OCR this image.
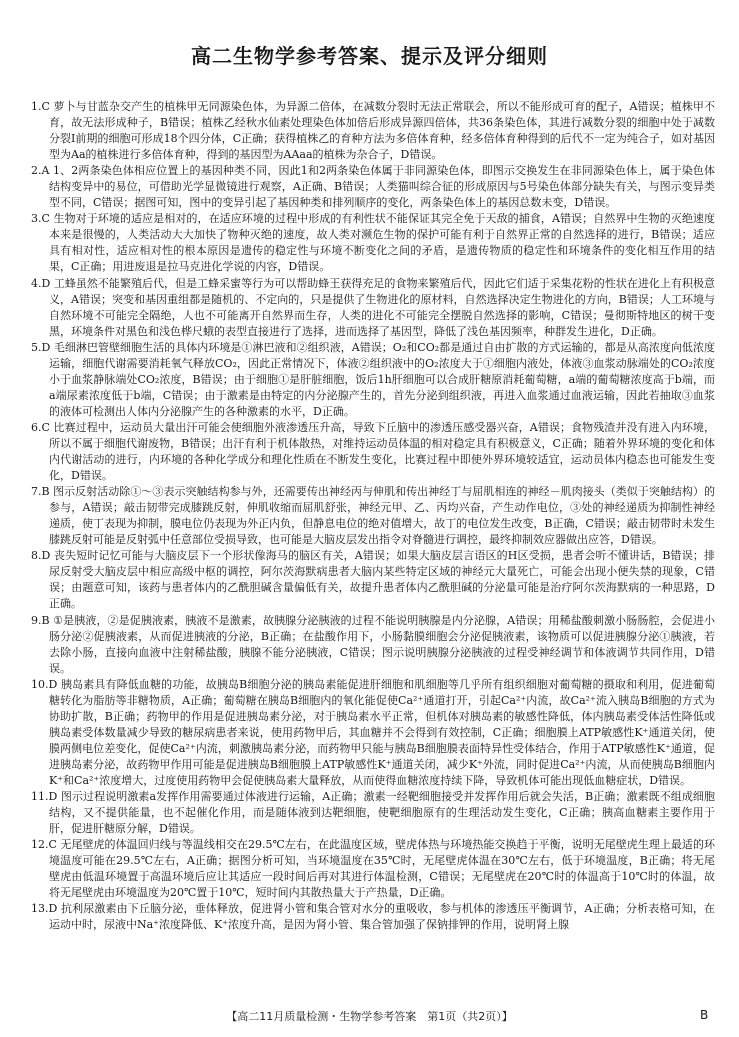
高二生物学参考答案、提示及评分细则

1.C 萝卜与甘蓝杂交产生的植株甲无同源染色体，为异源二倍体，在减数分裂时无法正常联会，所以不能形成可育的配子，A错误；植株甲不育，故无法形成种子，B错误；植株乙经秋水仙素处理染色体加倍后形成异源四倍体，共36条染色体，其进行减数分裂的细胞中处于减数分裂Ⅰ前期的细胞可形成18个四分体，C正确；获得植株乙的育种方法为多倍体育种，经多倍体育种得到的后代不一定为纯合子，如对基因型为Aa的植株进行多倍体育种，得到的基因型为AAaa的植株为杂合子，D错误。

2.A 1、2两条染色体相应位置上的基因种类不同，因此1和2两条染色体属于非同源染色体，即图示交换发生在非同源染色体上，属于染色体结构变异中的易位，可借助光学显微镜进行观察，A正确、B错误；人类猫叫综合征的形成原因与5号染色体部分缺失有关，与图示变异类型不同，C错误；据图可知，图中的变异引起了基因种类和排列顺序的变化，两条染色体上的基因总数未变，D错误。

3.C 生物对于环境的适应是相对的，在适应环境的过程中形成的有利性状不能保证其完全免于天敌的捕食，A错误；自然界中生物的灭绝速度本来是很慢的，人类活动大大加快了物种灭绝的速度，故人类对濒危生物的保护可能有利于自然界正常的自然选择的进行，B错误；适应具有相对性，适应相对性的根本原因是遗传的稳定性与环境不断变化之间的矛盾，是遗传物质的稳定性和环境条件的变化相互作用的结果，C正确；用进废退是拉马克进化学说的内容，D错误。

4.D 工蜂虽然不能繁殖后代，但是工蜂采蜜等行为可以帮助蜂王获得充足的食物来繁殖后代，因此它们适于采集花粉的性状在进化上有积极意义，A错误；突变和基因重组都是随机的、不定向的，只是提供了生物进化的原材料，自然选择决定生物进化的方向，B错误；人工环境与自然环境不可能完全隔绝，人也不可能离开自然界而生存，人类的进化不可能完全摆脱自然选择的影响，C错误；曼彻斯特地区的树干变黑，环境条件对黑色和浅色桦尺蛾的表型直接进行了选择，进而选择了基因型，降低了浅色基因频率，种群发生进化，D正确。

5.D 毛细淋巴管壁细胞生活的具体内环境是①淋巴液和②组织液，A错误；O₂和CO₂都是通过自由扩散的方式运输的，都是从高浓度向低浓度运输，细胞代谢需要消耗氧气释放CO₂，因此正常情况下，体液②组织液中的O₂浓度大于①细胞内液处，体液③血浆动脉端处的CO₂浓度小于血浆静脉端处CO₂浓度，B错误；由于细胞①是肝脏细胞，饭后1h肝细胞可以合成肝糖原消耗葡萄糖，a端的葡萄糖浓度高于b端，而a端尿素浓度低于b端，C错误；由于激素是由特定的内分泌腺产生的，首先分泌到组织液，再进入血浆通过血液运输，因此若抽取③血浆的液体可检测出人体内分泌腺产生的各种激素的水平，D正确。

6.C 比赛过程中，运动员大量出汗可能会使细胞外液渗透压升高，导致下丘脑中的渗透压感受器兴奋，A错误；食物残渣并没有进入内环境，所以不属于细胞代谢废物，B错误；出汗有利于机体散热，对维持运动员体温的相对稳定具有积极意义，C正确；随着外界环境的变化和体内代谢活动的进行，内环境的各种化学成分和理化性质在不断发生变化，比赛过程中即使外界环境较适宜，运动员体内稳态也可能发生变化，D错误。

7.B 图示反射活动除①～③表示突触结构参与外，还需要传出神经丙与伸肌和传出神经丁与屈肌相连的神经－肌肉接头（类似于突触结构）的参与，A错误；敲击韧带完成膝跳反射，伸肌收缩而屈肌舒张，神经元甲、乙、丙均兴奋，产生动作电位，③处的神经递质为抑制性神经递质，使丁表现为抑制，膜电位仍表现为外正内负，但静息电位的绝对值增大，故丁的电位发生改变，B正确，C错误；敲击韧带时未发生膝跳反射可能是反射弧中任意部位受损导致，也可能是大脑皮层发出指令对脊髓进行调控，最终抑制效应器做出应答，D错误。

8.D 丧失短时记忆可能与大脑皮层下一个形状像海马的脑区有关，A错误；如果大脑皮层言语区的H区受损，患者会听不懂讲话，B错误；排尿反射受大脑皮层中相应高级中枢的调控，阿尔茨海默病患者大脑内某些特定区域的神经元大量死亡，可能会出现小便失禁的现象，C错误；由题意可知，该药与患者体内的乙酰胆碱含量偏低有关，故提升患者体内乙酰胆碱的分泌量可能是治疗阿尔茨海默病的一种思路，D正确。

9.B ①是胰液，②是促胰液素，胰液不是激素，故胰腺分泌胰液的过程不能说明胰腺是内分泌腺，A错误；用稀盐酸刺激小肠肠腔，会促进小肠分泌②促胰液素，从而促进胰液的分泌，B正确；在盐酸作用下，小肠黏膜细胞会分泌促胰液素，该物质可以促进胰腺分泌①胰液，若去除小肠，直接向血液中注射稀盐酸，胰腺不能分泌胰液，C错误；图示说明胰腺分泌胰液的过程受神经调节和体液调节共同作用，D错误。

10.D 胰岛素具有降低血糖的功能，故胰岛B细胞分泌的胰岛素能促进肝细胞和肌细胞等几乎所有组织细胞对葡萄糖的摄取和利用，促进葡萄糖转化为脂肪等非糖物质，A正确；葡萄糖在胰岛B细胞内的氧化能促使Ca²⁺通道打开，引起Ca²⁺内流，故Ca²⁺流入胰岛B细胞的方式为协助扩散，B正确；药物甲的作用是促进胰岛素分泌，对于胰岛素水平正常，但机体对胰岛素的敏感性降低，体内胰岛素受体活性降低或胰岛素受体数量减少导致的糖尿病患者来说，使用药物甲后，其血糖并不会得到有效控制，C正确；细胞膜上ATP敏感性K⁺通道关闭，使膜两侧电位差变化，促使Ca²⁺内流，刺激胰岛素分泌，而药物甲只能与胰岛B细胞膜表面特异性受体结合，作用于ATP敏感性K⁺通道，促进胰岛素分泌，故药物甲作用可能是促进胰岛B细胞膜上ATP敏感性K⁺通道关闭，减少K⁺外流，同时促进Ca²⁺内流，从而使胰岛B细胞内K⁺和Ca²⁺浓度增大，过度使用药物甲会促使胰岛素大量释放，从而使得血糖浓度持续下降，导致机体可能出现低血糖症状，D错误。

11.D 图示过程说明激素a发挥作用需要通过体液进行运输，A正确；激素一经靶细胞接受并发挥作用后就会失活，B正确；激素既不组成细胞结构，又不提供能量，也不起催化作用，而是随体液到达靶细胞，使靶细胞原有的生理活动发生变化，C正确；胰高血糖素主要作用于肝，促进肝糖原分解，D错误。

12.C 无尾壁虎的体温回归线与等温线相交在29.5℃左右，在此温度区域，壁虎体热与环境热能交换趋于平衡，说明无尾壁虎生理上最适的环境温度可能在29.5℃左右，A正确；据图分析可知，当环境温度在35℃时，无尾壁虎体温在30℃左右，低于环境温度，B正确；将无尾壁虎由低温环境置于高温环境后应让其适应一段时间后再对其进行体温检测，C错误；无尾壁虎在20℃时的体温高于10℃时的体温，故将无尾壁虎由环境温度为20℃置于10℃，短时间内其散热量大于产热量，D正确。

13.D 抗利尿激素由下丘脑分泌，垂体释放，促进肾小管和集合管对水分的重吸收，参与机体的渗透压平衡调节，A正确；分析表格可知，在运动中时，尿液中Na⁺浓度降低、K⁺浓度升高，是因为肾小管、集合管加强了保钠排钾的作用，说明肾上腺

【高二11月质量检测・生物学参考答案　第1页（共2页）】	B
